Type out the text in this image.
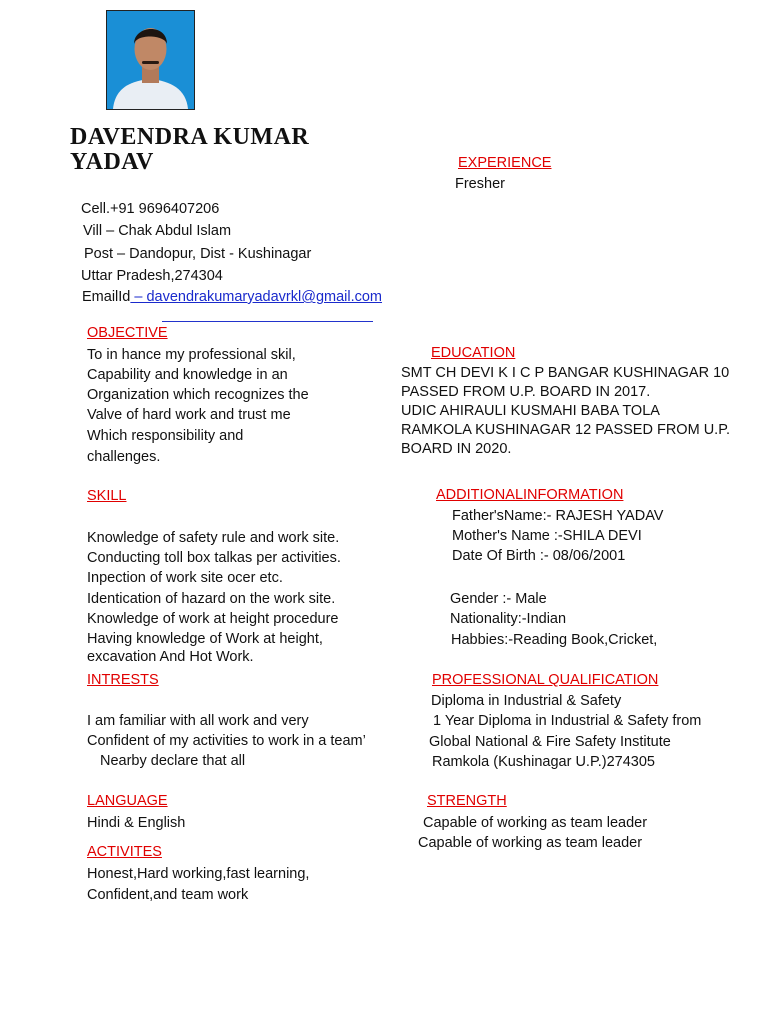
DAVENDRA KUMAR
YADAV	EXPERIENCE
Fresher
Cell.+91 9696407206
Vill – Chak Abdul Islam
Post – Dandopur, Dist - Kushinagar
Uttar Pradesh,274304
EmailId – davendrakumaryadavrkl@gmail.com
OBJECTIVE
To in hance my professional skil,
Capability and knowledge in an
Organization which recognizes the
Valve of hard work and trust me
Which responsibility and
challenges.
EDUCATION
SMT CH DEVI K I C P BANGAR KUSHINAGAR 10
PASSED FROM U.P. BOARD IN 2017.
UDIC AHIRAULI KUSMAHI BABA TOLA
RAMKOLA KUSHINAGAR 12 PASSED FROM U.P.
BOARD IN 2020.
SKILL
Knowledge of safety rule and work site.
Conducting toll box talkas per activities.
Inpection of work site ocer etc.
Identication of hazard on the work site.
Knowledge of work at height procedure
Having knowledge of Work at height,
excavation And Hot Work.
ADDITIONALINFORMATION
Father'sName:- RAJESH YADAV
Mother's Name :-SHILA DEVI
Date Of Birth :- 08/06/2001
Gender :- Male
Nationality:-Indian
Habbies:-Reading Book,Cricket,
INTRESTS
I am familiar with all work and very
Confident of my activities to work in a team’
Nearby declare that all
PROFESSIONAL QUALIFICATION
Diploma in Industrial & Safety
1 Year Diploma in Industrial & Safety from
Global National & Fire Safety Institute
Ramkola (Kushinagar U.P.)274305
LANGUAGE
Hindi & English
STRENGTH
Capable of working as team leader
Capable of working as team leader
ACTIVITES
Honest,Hard working,fast learning,
Confident,and team work
